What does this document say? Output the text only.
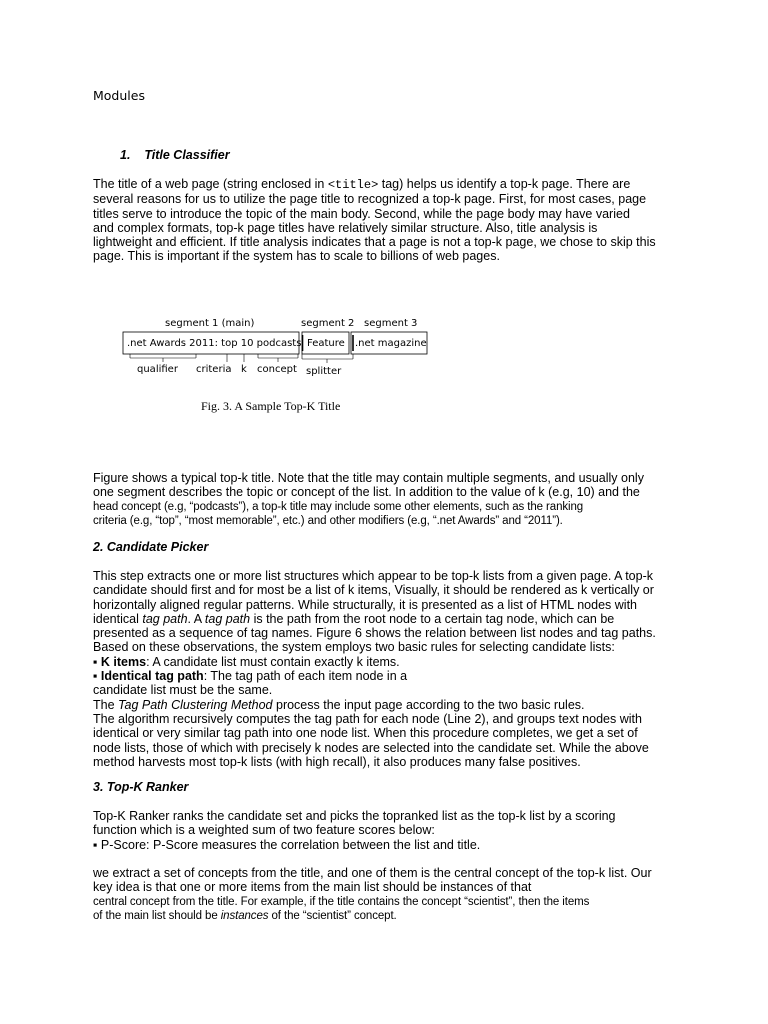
Modules
1. Title Classifier
The title of a web page (string enclosed in <title> tag) helps us identify a top-k page. There are
several reasons for us to utilize the page title to recognized a top-k page. First, for most cases, page
titles serve to introduce the topic of the main body. Second, while the page body may have varied
and complex formats, top-k page titles have relatively similar structure. Also, title analysis is
lightweight and efficient. If title analysis indicates that a page is not a top-k page, we chose to skip this
page. This is important if the system has to scale to billions of web pages.
segment 1 (main)	segment 2 segment 3
.net Awards 2011: top 10 podcasts Feature .net magazine
qualifier criteria k concept splitter
Fig. 3. A Sample Top-K Title
Figure shows a typical top-k title. Note that the title may contain multiple segments, and usually only
one segment describes the topic or concept of the list. In addition to the value of k (e.g, 10) and the
head concept (e.g, “podcasts”), a top-k title may include some other elements, such as the ranking
criteria (e.g, “top”, “most memorable”, etc.) and other modifiers (e.g, “.net Awards” and “2011”).
2. Candidate Picker
This step extracts one or more list structures which appear to be top-k lists from a given page. A top-k
candidate should first and for most be a list of k items, Visually, it should be rendered as k vertically or
horizontally aligned regular patterns. While structurally, it is presented as a list of HTML nodes with
identical tag path. A tag path is the path from the root node to a certain tag node, which can be
presented as a sequence of tag names. Figure 6 shows the relation between list nodes and tag paths.
Based on these observations, the system employs two basic rules for selecting candidate lists:
▪ K items: A candidate list must contain exactly k items.
▪ Identical tag path: The tag path of each item node in a
candidate list must be the same.
The Tag Path Clustering Method process the input page according to the two basic rules.
The algorithm recursively computes the tag path for each node (Line 2), and groups text nodes with
identical or very similar tag path into one node list. When this procedure completes, we get a set of
node lists, those of which with precisely k nodes are selected into the candidate set. While the above
method harvests most top-k lists (with high recall), it also produces many false positives.
3. Top-K Ranker
Top-K Ranker ranks the candidate set and picks the topranked list as the top-k list by a scoring
function which is a weighted sum of two feature scores below:
▪ P-Score: P-Score measures the correlation between the list and title.
we extract a set of concepts from the title, and one of them is the central concept of the top-k list. Our
key idea is that one or more items from the main list should be instances of that
central concept from the title. For example, if the title contains the concept “scientist”, then the items
of the main list should be instances of the “scientist” concept.
